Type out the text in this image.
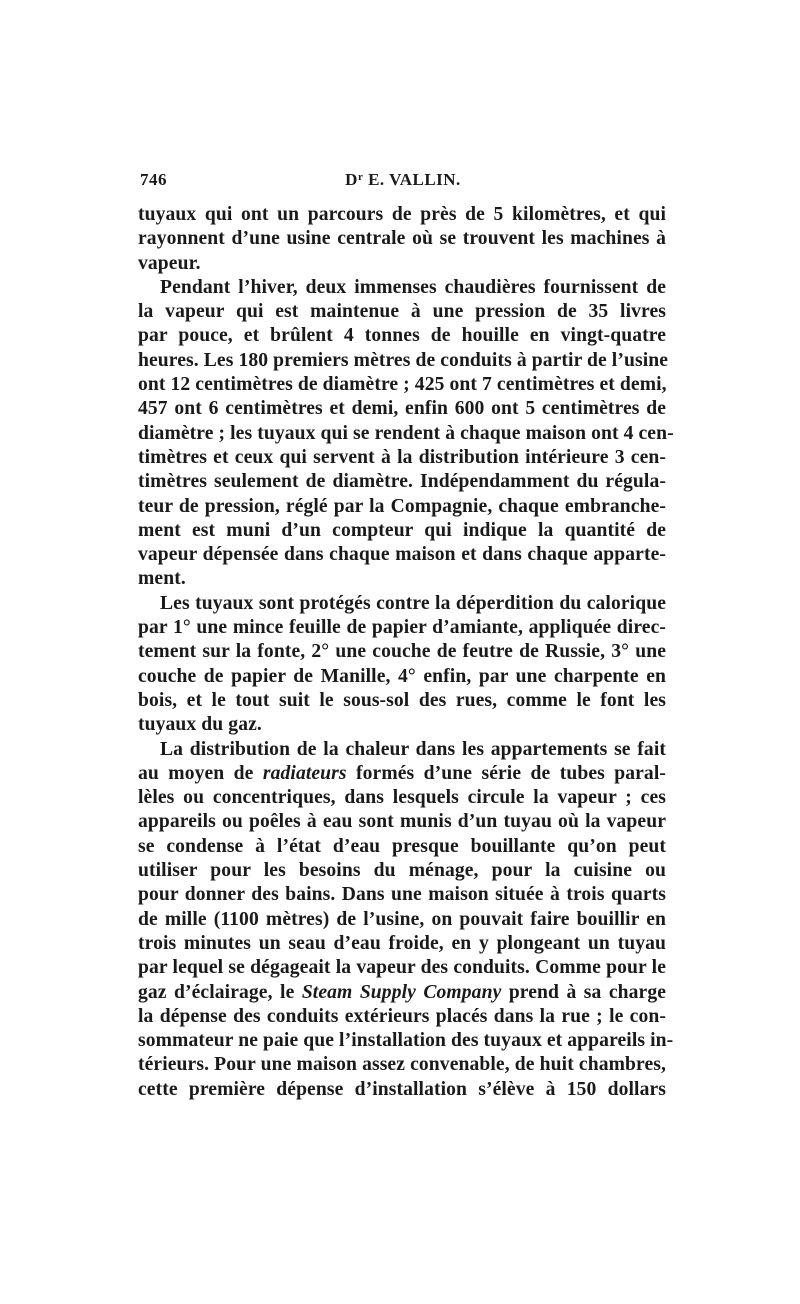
746	$D^r$ E. VALLIN.
tuyaux qui ont un parcours de près de 5 kilomètres, et qui
rayonnent d’une usine centrale où se trouvent les machines à
vapeur.
Pendant l’hiver, deux immenses chaudières fournissent de
la vapeur qui est maintenue à une pression de 35 livres
par pouce, et brûlent 4 tonnes de houille en vingt-quatre
heures. Les 180 premiers mètres de conduits à partir de l’usine
ont 12 centimètres de diamètre ; 425 ont 7 centimètres et demi,
457 ont 6 centimètres et demi, enfin 600 ont 5 centimètres de
diamètre ; les tuyaux qui se rendent à chaque maison ont 4 cen-
timètres et ceux qui servent à la distribution intérieure 3 cen-
timètres seulement de diamètre. Indépendamment du régula-
teur de pression, réglé par la Compagnie, chaque embranche-
ment est muni d’un compteur qui indique la quantité de
vapeur dépensée dans chaque maison et dans chaque apparte-
ment.
Les tuyaux sont protégés contre la déperdition du calorique
par 1° une mince feuille de papier d’amiante, appliquée direc-
tement sur la fonte, 2° une couche de feutre de Russie, 3° une
couche de papier de Manille, 4° enfin, par une charpente en
bois, et le tout suit le sous-sol des rues, comme le font les
tuyaux du gaz.
La distribution de la chaleur dans les appartements se fait
au moyen de radiateurs formés d’une série de tubes paral-
lèles ou concentriques, dans lesquels circule la vapeur ; ces
appareils ou poêles à eau sont munis d’un tuyau où la vapeur
se condense à l’état d’eau presque bouillante qu’on peut
utiliser pour les besoins du ménage, pour la cuisine ou
pour donner des bains. Dans une maison située à trois quarts
de mille (1100 mètres) de l’usine, on pouvait faire bouillir en
trois minutes un seau d’eau froide, en y plongeant un tuyau
par lequel se dégageait la vapeur des conduits. Comme pour le
gaz d’éclairage, le Steam Supply Company prend à sa charge
la dépense des conduits extérieurs placés dans la rue ; le con-
sommateur ne paie que l’installation des tuyaux et appareils in-
térieurs. Pour une maison assez convenable, de huit chambres,
cette première dépense d’installation s’élève à 150 dollars
